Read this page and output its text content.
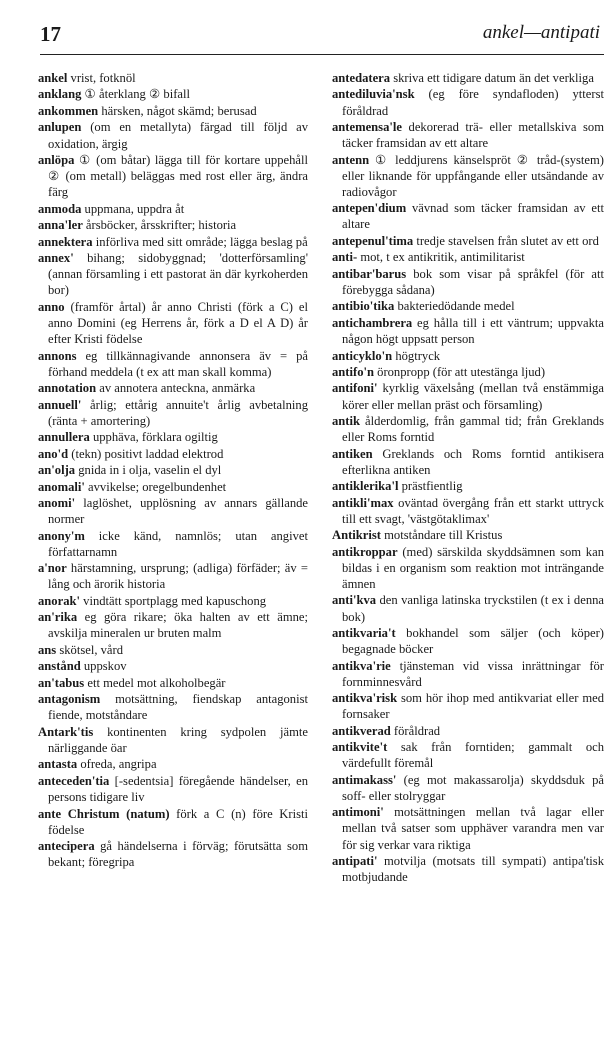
17	ankel—antipati

ankel vrist, fotknöl

anklang ① återklang ② bifall

ankommen härsken, något skämd; berusad

anlupen (om en metallyta) färgad till följd av oxidation, ärgig

anlöpa ① (om båtar) lägga till för kortare uppehåll ② (om metall) beläggas med rost eller ärg, ändra färg

anmoda uppmana, uppdra åt

anna'ler årsböcker, årsskrifter; historia

annektera införliva med sitt område; lägga beslag på

annex' bihang; sidobyggnad; 'dotterförsamling' (annan församling i ett pastorat än där kyrkoherden bor)

anno (framför årtal) år anno Christi (förk a C) el anno Domini (eg Herrens år, förk a D el A D) år efter Kristi födelse

annons eg tillkännagivande annonsera äv = på förhand meddela (t ex att man skall komma)

annotation av annotera anteckna, anmärka

annuell' årlig; ettårig annuite't årlig avbetalning (ränta + amortering)

annullera upphäva, förklara ogiltig

ano'd (tekn) positivt laddad elektrod

an'olja gnida in i olja, vaselin el dyl

anomali' avvikelse; oregelbundenhet

anomi' laglöshet, upplösning av annars gällande normer

anony'm icke känd, namnlös; utan angivet författarnamn

a'nor härstamning, ursprung; (adliga) förfäder; äv = lång och ärorik historia

anorak' vindtätt sportplagg med kapuschong

an'rika eg göra rikare; öka halten av ett ämne; avskilja mineralen ur bruten malm

ans skötsel, vård

anstånd uppskov

an'tabus ett medel mot alkoholbegär

antagonism motsättning, fiendskap antagonist fiende, motståndare

Antark'tis kontinenten kring sydpolen jämte närliggande öar

antasta ofreda, angripa

anteceden'tia [-sedentsia] föregående händelser, en persons tidigare liv

ante Christum (natum) förk a C (n) före Kristi födelse

antecipera gå händelserna i förväg; förutsätta som bekant; föregripa

antedatera skriva ett tidigare datum än det verkliga

antediluvia'nsk (eg före syndafloden) ytterst föråldrad

antemensa'le dekorerad trä- eller metallskiva som täcker framsidan av ett altare

antenn ① leddjurens känselspröt ② tråd-(system) eller liknande för uppfångande eller utsändande av radiovågor

antepen'dium vävnad som täcker framsidan av ett altare

antepenul'tima tredje stavelsen från slutet av ett ord

anti- mot, t ex antikritik, antimilitarist

antibar'barus bok som visar på språkfel (för att förebygga sådana)

antibio'tika bakteriedödande medel

antichambrera eg hålla till i ett väntrum; uppvakta någon högt uppsatt person

anticyklo'n högtryck

antifo'n öronpropp (för att utestänga ljud)

antifoni' kyrklig växelsång (mellan två enstämmiga körer eller mellan präst och församling)

antik ålderdomlig, från gammal tid; från Greklands eller Roms forntid

antiken Greklands och Roms forntid antikisera efterlikna antiken

antiklerika'l prästfientlig

antikli'max oväntad övergång från ett starkt uttryck till ett svagt, 'västgötaklimax'

Antikrist motståndare till Kristus

antikroppar (med) särskilda skyddsämnen som kan bildas i en organism som reaktion mot inträngande ämnen

anti'kva den vanliga latinska tryckstilen (t ex i denna bok)

antikvaria't bokhandel som säljer (och köper) begagnade böcker

antikva'rie tjänsteman vid vissa inrättningar för fornminnesvård

antikva'risk som hör ihop med antikvariat eller med fornsaker

antikverad föråldrad

antikvite't sak från forntiden; gammalt och värdefullt föremål

antimakass' (eg mot makassarolja) skyddsduk på soff- eller stolryggar

antimoni' motsättningen mellan två lagar eller mellan två satser som upphäver varandra men var för sig verkar vara riktiga

antipati' motvilja (motsats till sympati) antipa'tisk motbjudande
